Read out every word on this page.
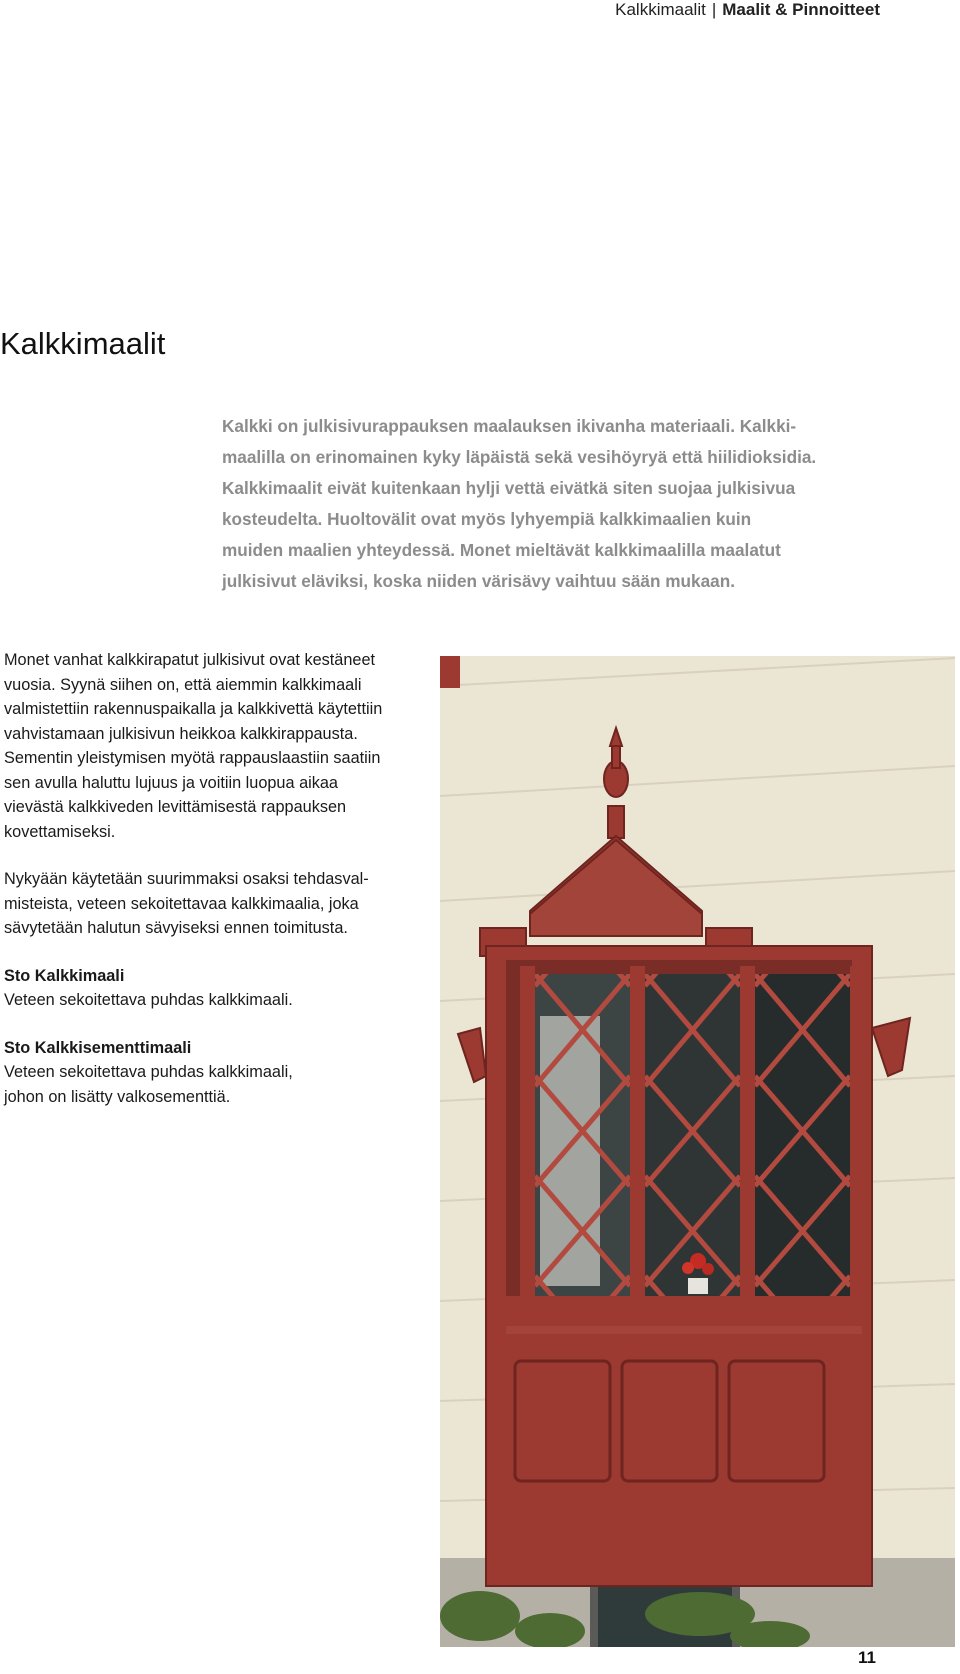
Kalkkimaalit | Maalit & Pinnoitteet
Kalkkimaalit

Kalkki on julkisivurappauksen maalauksen ikivanha materiaali. Kalkki-
maalilla on erinomainen kyky läpäistä sekä vesihöyryä että hiilidioksidia.
Kalkkimaalit eivät kuitenkaan hylji vettä eivätkä siten suojaa julkisivua
kosteudelta. Huoltovälit ovat myös lyhyempiä kalkkimaalien kuin
muiden maalien yhteydessä. Monet mieltävät kalkkimaalilla maalatut
julkisivut eläviksi, koska niiden värisävy vaihtuu sään mukaan.

Monet vanhat kalkkirapatut julkisivut ovat kestäneet
vuosia. Syynä siihen on, että aiemmin kalkkimaali
valmistettiin rakennuspaikalla ja kalkkivettä käytettiin
vahvistamaan julkisivun heikkoa kalkkirappausta.
Sementin yleistymisen myötä rappauslaastiin saatiin
sen avulla haluttu lujuus ja voitiin luopua aikaa
vievästä kalkkiveden levittämisestä rappauksen
kovettamiseksi.

Nykyään käytetään suurimmaksi osaksi tehdasval-
misteista, veteen sekoitettavaa kalkkimaalia, joka
sävytetään halutun sävyiseksi ennen toimitusta.

Sto Kalkkimaali

Veteen sekoitettava puhdas kalkkimaali.

Sto Kalkkisementtimaali

Veteen sekoitettava puhdas kalkkimaali,
johon on lisätty valkosementtiä.

11
